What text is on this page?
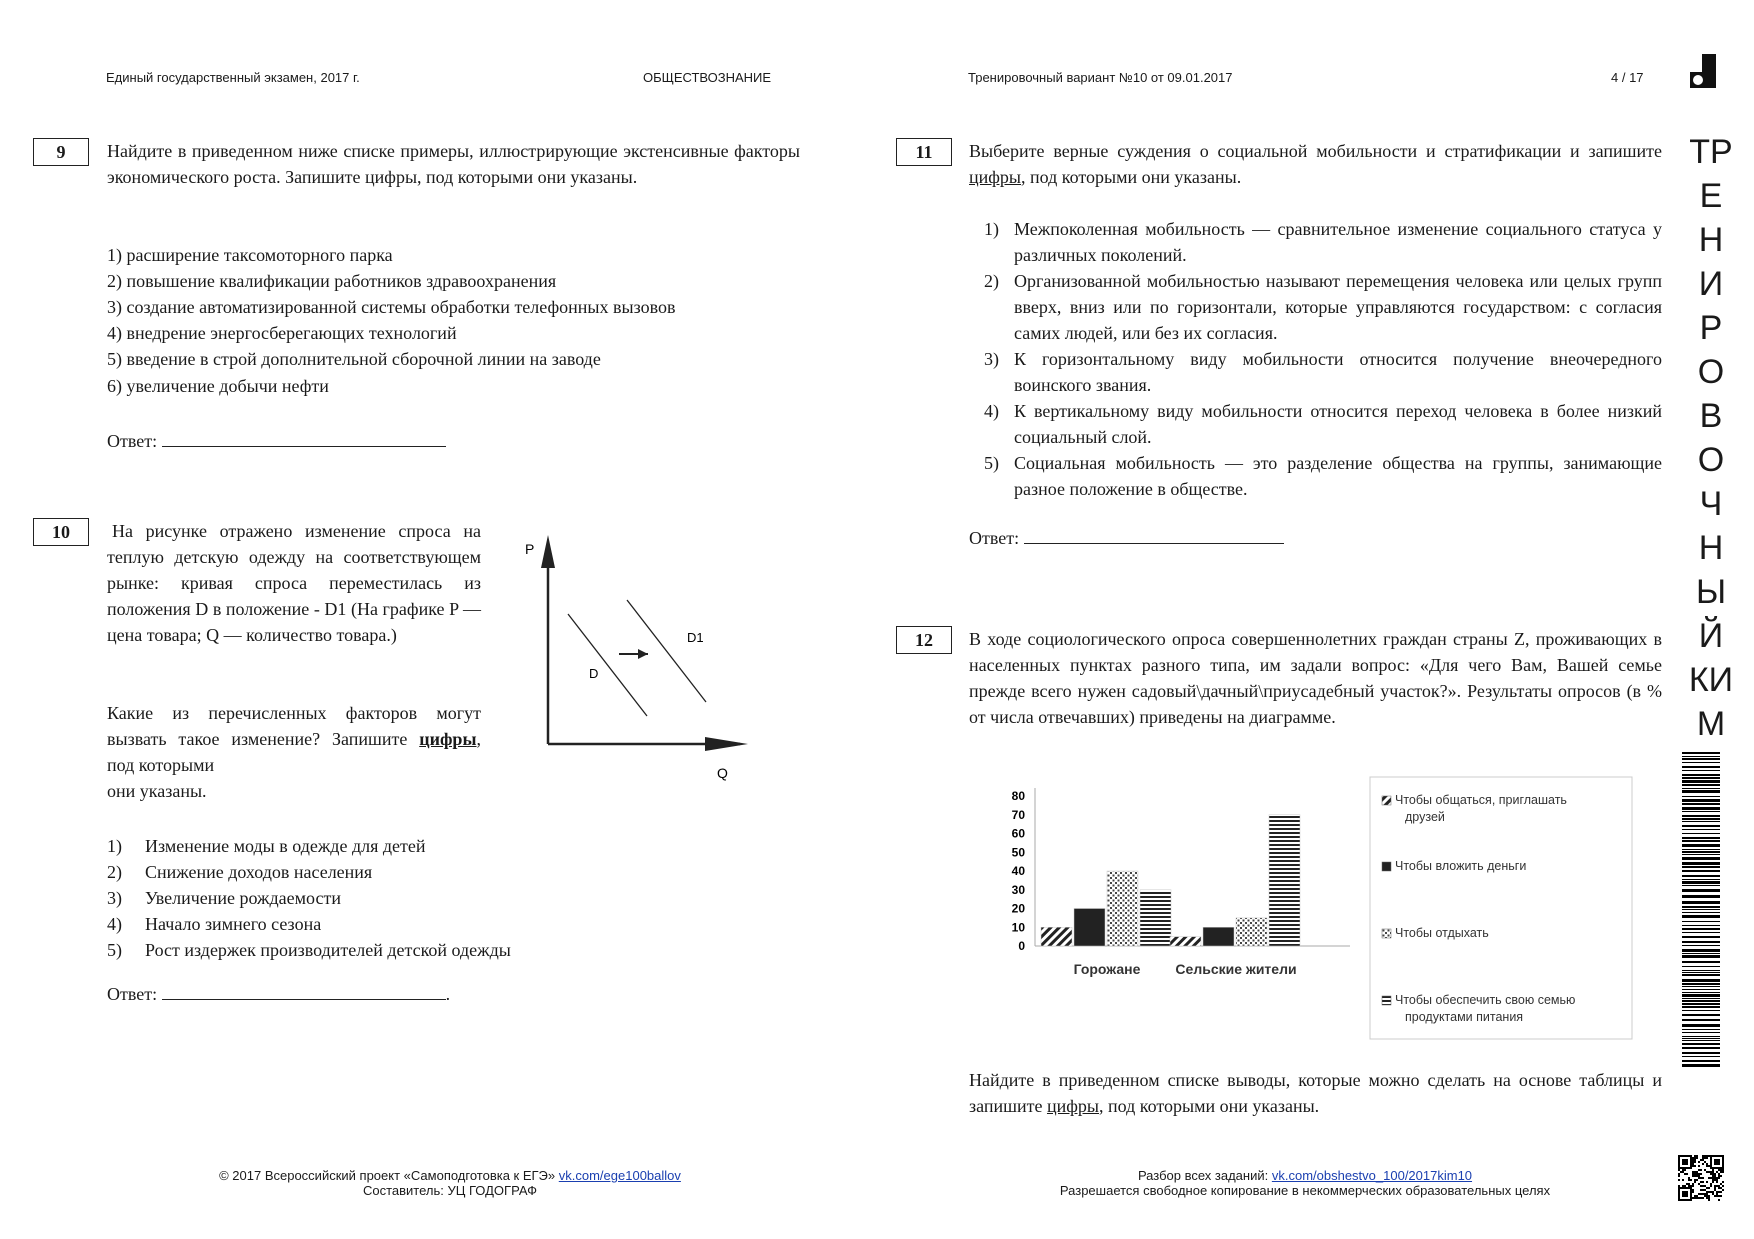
Единый государственный экзамен, 2017 г.	ОБЩЕСТВОЗНАНИЕ	Тренировочный вариант №10 от 09.01.2017	4 / 17
9	Найдите в приведенном ниже списке примеры, иллюстрирующие экстенсивные факторы экономического роста. Запишите цифры, под которыми они указаны.
1) расширение таксомоторного парка
2) повышение квалификации работников здравоохранения
3) создание автоматизированной системы обработки телефонных вызовов
4) внедрение энергосберегающих технологий
5) введение в строй дополнительной сборочной линии на заводе
6) увеличение добычи нефти
Ответ:
10	На рисунке отражено изменение спроса на теплую детскую одежду на соответствующем рынке: кривая спроса переместилась из положения D в положение - D1 (На графике P — цена товара; Q — количество товара.)
Какие из перечисленных факторов могут вызвать такое изменение? Запишите цифры, под которыми
они указаны.
P
Q
D
D1
1)	Изменение моды в одежде для детей
2)	Снижение доходов населения
3)	Увеличение рождаемости
4)	Начало зимнего сезона
5)	Рост издержек производителей детской одежды
Ответ:	.
11	Выберите верные суждения о социальной мобильности и стратификации и запишите цифры, под которыми они указаны.
1) Межпоколенная мобильность — сравнительное изменение социального статуса у различных поколений.
2) Организованной мобильностью называют перемещения человека или целых групп вверх, вниз или по горизонтали, которые управляются государством: с согласия самих людей, или без их согласия.
3) К горизонтальному виду мобильности относится получение внеочередного воинского звания.
4) К вертикальному виду мобильности относится переход человека в более низкий социальный слой.
5) Социальная мобильность — это разделение общества на группы, занимающие разное положение в обществе.
Ответ:
12	В ходе социологического опроса совершеннолетних граждан страны Z, проживающих в населенных пунктах разного типа, им задали вопрос: «Для чего Вам, Вашей семье прежде всего нужен садовый\дачный\приусадебный участок?». Результаты опросов (в % от числа отвечавших) приведены на диаграмме.
80
70
60
50
40
30
20
10
0
Горожане	Сельские жители
Чтобы общаться, приглашать друзей
Чтобы вложить деньги
Чтобы отдыхать
Чтобы обеспечить свою семью продуктами питания
Найдите в приведенном списке выводы, которые можно сделать на основе таблицы и запишите цифры, под которыми они указаны.
ТР
Е
Н
И
Р
О
В
О
Ч
Н
Ы
Й
КИ
М
© 2017 Всероссийский проект «Самоподготовка к ЕГЭ» vk.com/ege100ballov
Составитель: УЦ ГОДОГРАФ
Разбор всех заданий: vk.com/obshestvo_100/2017kim10
Разрешается свободное копирование в некоммерческих образовательных целях
